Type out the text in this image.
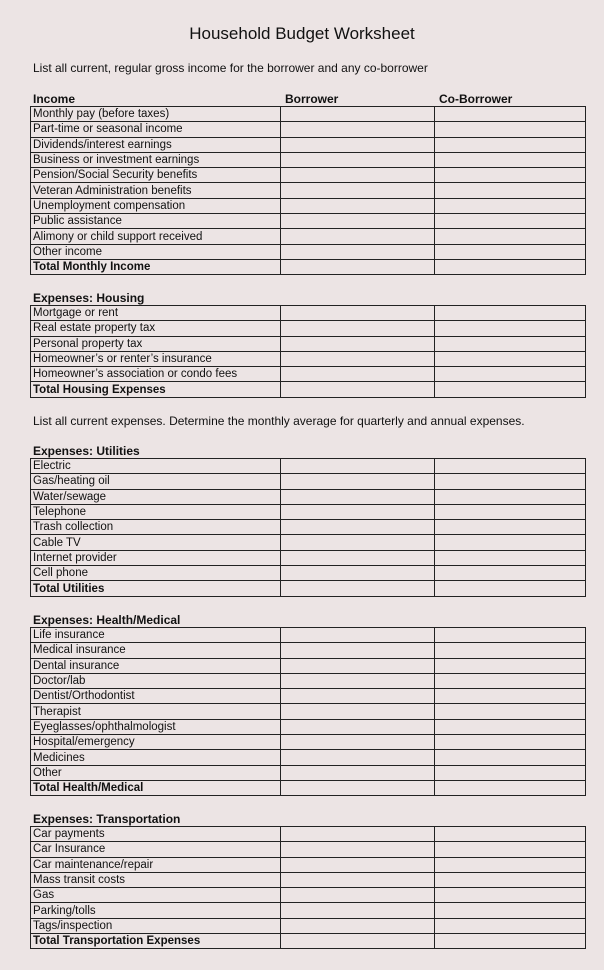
Household Budget Worksheet
List all current, regular gross income for the borrower and any co-borrower
Income	Borrower	Co-Borrower
Monthly pay (before taxes)		
Part-time or seasonal income		
Dividends/interest earnings		
Business or investment earnings		
Pension/Social Security benefits		
Veteran Administration benefits		
Unemployment compensation		
Public assistance		
Alimony or child support received		
Other income		
Total Monthly Income		
Expenses: Housing
Mortgage or rent		
Real estate property tax		
Personal property tax		
Homeowner’s or renter’s insurance		
Homeowner’s association or condo fees		
Total Housing Expenses		
List all current expenses. Determine the monthly average for quarterly and annual expenses.
Expenses: Utilities
Electric		
Gas/heating oil		
Water/sewage		
Telephone		
Trash collection		
Cable TV		
Internet provider		
Cell phone		
Total Utilities		
Expenses: Health/Medical
Life insurance		
Medical insurance		
Dental insurance		
Doctor/lab		
Dentist/Orthodontist		
Therapist		
Eyeglasses/ophthalmologist		
Hospital/emergency		
Medicines		
Other		
Total Health/Medical		
Expenses: Transportation
Car payments		
Car Insurance		
Car maintenance/repair		
Mass transit costs		
Gas		
Parking/tolls		
Tags/inspection		
Total Transportation Expenses		
